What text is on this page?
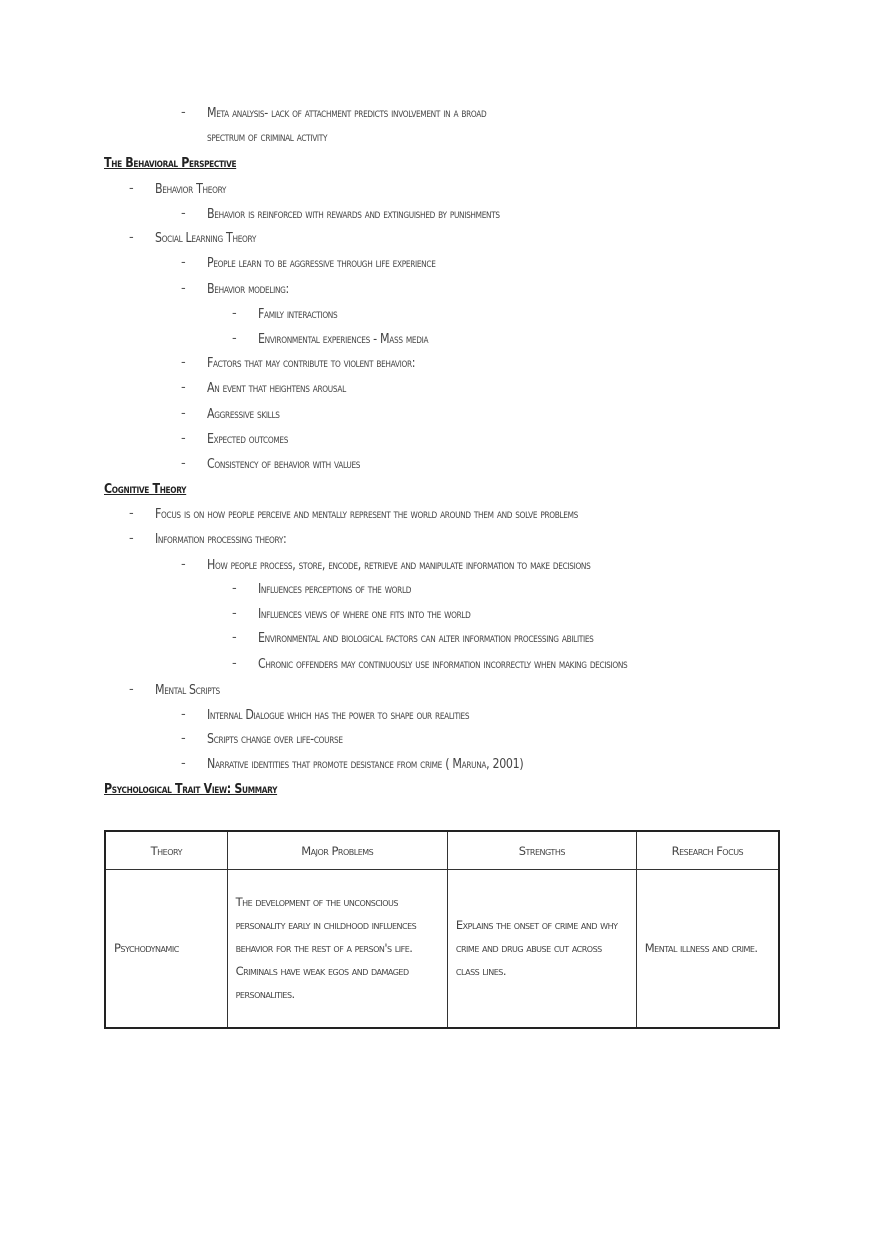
- Meta analysis- lack of attachment predicts involvement in a broad
spectrum of criminal activity
The Behavioral Perspective
- Behavior Theory
- Behavior is reinforced with rewards and extinguished by punishments
- Social Learning Theory
- People learn to be aggressive through life experience
- Behavior modeling:
- Family interactions
- Environmental experiences - Mass media
- Factors that may contribute to violent behavior:
- An event that heightens arousal
- Aggressive skills
- Expected outcomes
- Consistency of behavior with values
Cognitive Theory
- Focus is on how people perceive and mentally represent the world around them and solve problems
- Information processing theory:
- How people process, store, encode, retrieve and manipulate information to make decisions
- Influences perceptions of the world
- Influences views of where one fits into the world
- Environmental and biological factors can alter information processing abilities
- Chronic offenders may continuously use information incorrectly when making decisions
- Mental Scripts
- Internal Dialogue which has the power to shape our realities
- Scripts change over life-course
- Narrative identities that promote desistance from crime ( Maruna, 2001)
Psychological Trait View: Summary
Theory	Major Problems	Strengths	Research Focus
Psychodynamic	The development of the unconscious personality early in childhood influences behavior for the rest of a person's life. Criminals have weak egos and damaged personalities.	Explains the onset of crime and why crime and drug abuse cut across class lines.	Mental illness and crime.
